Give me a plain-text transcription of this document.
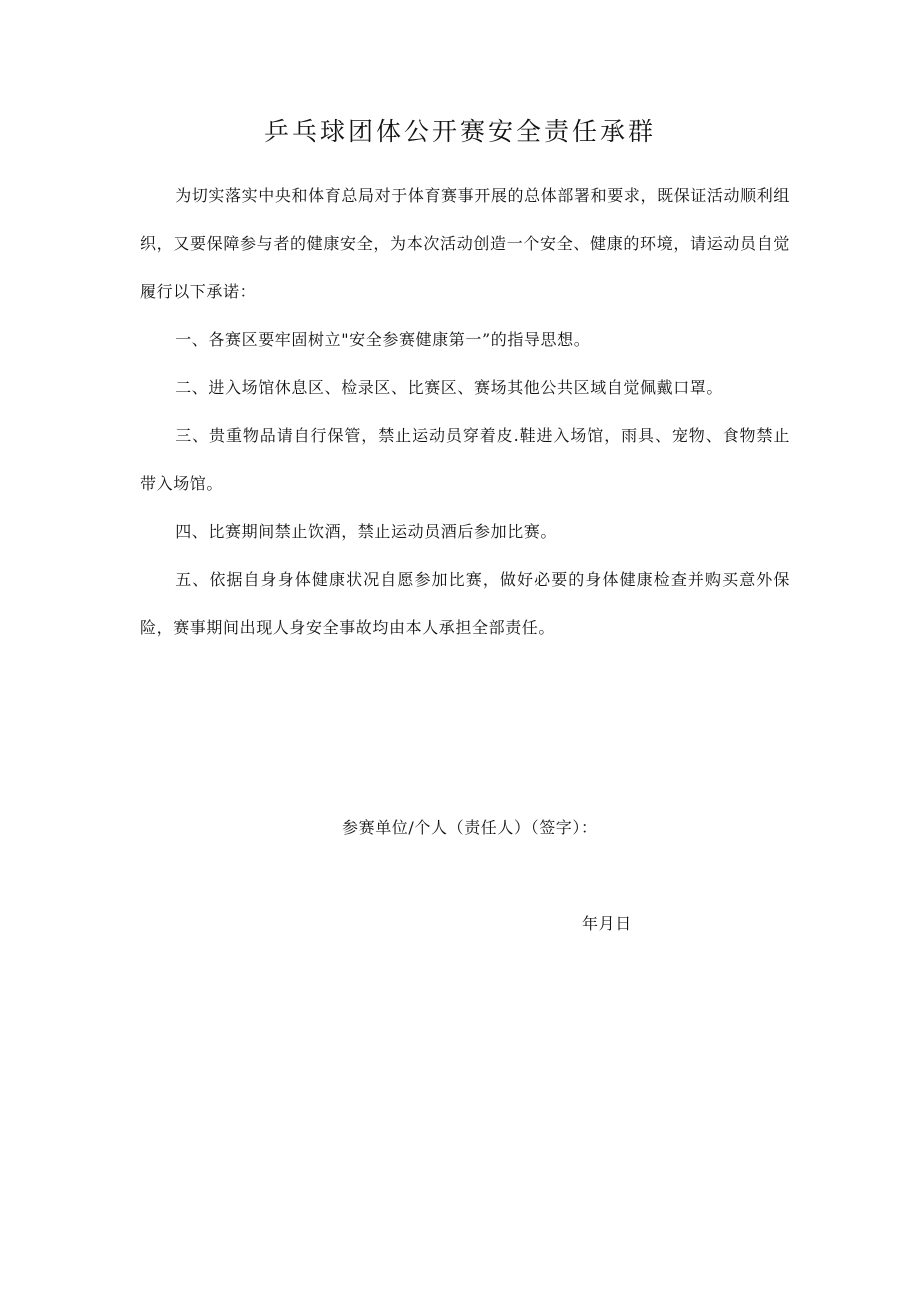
乒乓球团体公开赛安全责任承群

为切实落实中央和体育总局对于体育赛事开展的总体部署和要求，既保证活动顺利组织，又要保障参与者的健康安全，为本次活动创造一个安全、健康的环境，请运动员自觉履行以下承诺：

一、各赛区要牢固树立"安全参赛健康第一”的指导思想。

二、进入场馆休息区、检录区、比赛区、赛场其他公共区域自觉佩戴口罩。

三、贵重物品请自行保管，禁止运动员穿着皮.鞋进入场馆，雨具、宠物、食物禁止带入场馆。

四、比赛期间禁止饮酒，禁止运动员酒后参加比赛。

五、依据自身身体健康状况自愿参加比赛，做好必要的身体健康检查并购买意外保险，赛事期间出现人身安全事故均由本人承担全部责任。

参赛单位/个人（责任人）（签字）：
年月日
